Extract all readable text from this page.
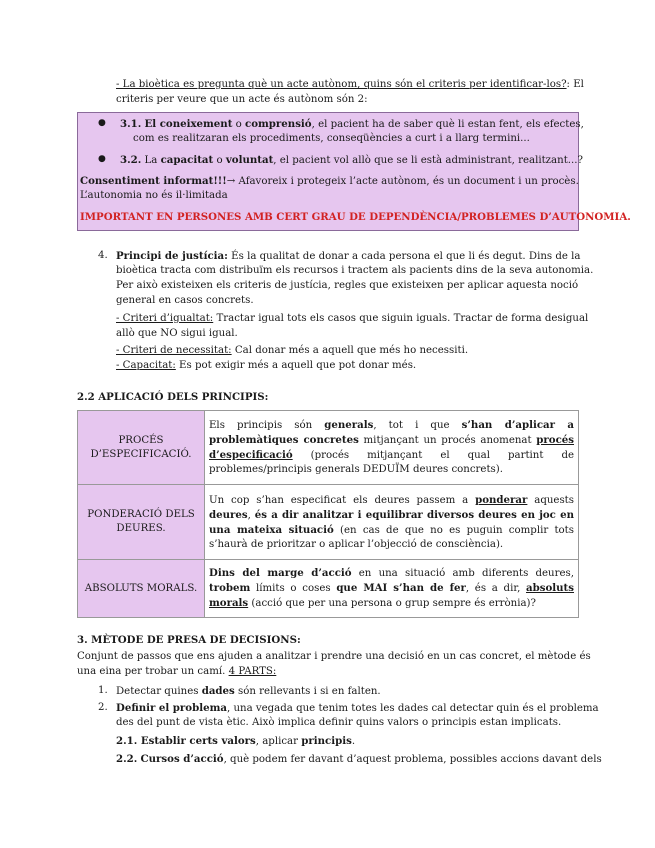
- La bioètica es pregunta què un acte autònom, quins són el criteris per identificar-los?: El
criteris per veure que un acte és autònom són 2:
● 3.1. El coneixement o comprensió, el pacient ha de saber què li estan fent, els efectes,
com es realitzaran els procediments, conseqüències a curt i a llarg termini...
● 3.2. La capacitat o voluntat, el pacient vol allò que se li està administrant, realitzant...?
Consentiment informat!!!→ Afavoreix i protegeix l’acte autònom, és un document i un procès.
L’autonomia no és il·limitada
IMPORTANT EN PERSONES AMB CERT GRAU DE DEPENDÈNCIA/PROBLEMES D’AUTONOMIA.
4. Principi de justícia: És la qualitat de donar a cada persona el que li és degut. Dins de la
bioètica tracta com distribuïm els recursos i tractem als pacients dins de la seva autonomia.
Per això existeixen els criteris de justícia, regles que existeixen per aplicar aquesta noció
general en casos concrets.
- Criteri d’igualtat: Tractar igual tots els casos que siguin iguals. Tractar de forma desigual
allò que NO sigui igual.
- Criteri de necessitat: Cal donar més a aquell que més ho necessiti.
- Capacitat: Es pot exigir més a aquell que pot donar més.
2.2 APLICACIÓ DELS PRINCIPIS:
PROCÉS D’ESPECIFICACIÓ.	Els principis són generals, tot i que s’han d’aplicar a problemàtiques concretes mitjançant un procés anomenat procés d’especificació (procés mitjançant el qual partint de problemes/principis generals DEDUÏM deures concrets).
PONDERACIÓ DELS DEURES.	Un cop s’han especificat els deures passem a ponderar aquests deures, és a dir analitzar i equilibrar diversos deures en joc en una mateixa situació (en cas de que no es puguin complir tots s’haurà de prioritzar o aplicar l’objecció de consciència).
ABSOLUTS MORALS.	Dins del marge d’acció en una situació amb diferents deures, trobem límits o coses que MAI s’han de fer, és a dir, absoluts morals (acció que per una persona o grup sempre és errònia)?
3. MÈTODE DE PRESA DE DECISIONS:
Conjunt de passos que ens ajuden a analitzar i prendre una decisió en un cas concret, el mètode és
una eina per trobar un camí. 4 PARTS:
1. Detectar quines dades són rellevants i si en falten.
2. Definir el problema, una vegada que tenim totes les dades cal detectar quin és el problema
des del punt de vista ètic. Això implica definir quins valors o principis estan implicats.
2.1. Establir certs valors, aplicar principis.
2.2. Cursos d’acció, què podem fer davant d’aquest problema, possibles accions davant dels
